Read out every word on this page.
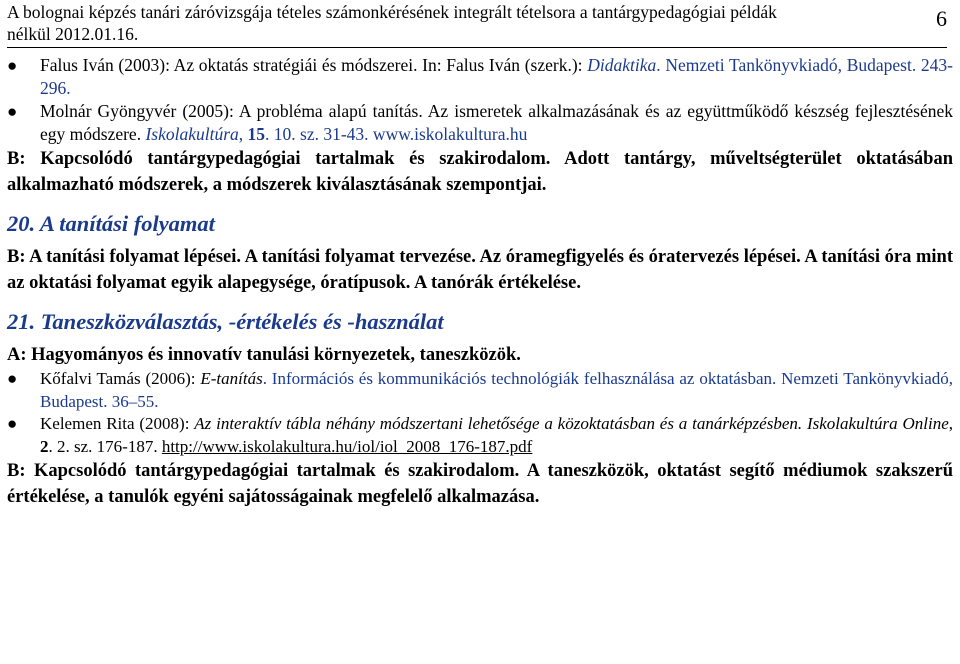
A bolognai képzés tanári záróvizsgája tételes számonkérésének integrált tételsora a tantárgypedagógiai példák
nélkül 2012.01.16.
6
● Falus Iván (2003): Az oktatás stratégiái és módszerei. In: Falus Iván (szerk.): Didaktika. Nemzeti Tankönyvkiadó, Budapest. 243-296.
● Molnár Gyöngyvér (2005): A probléma alapú tanítás. Az ismeretek alkalmazásának és az együttműködő készség fejlesztésének egy módszere. Iskolakultúra, 15. 10. sz. 31-43. www.iskolakultura.hu

B: Kapcsolódó tantárgypedagógiai tartalmak és szakirodalom. Adott tantárgy, műveltségterület oktatásában alkalmazható módszerek, a módszerek kiválasztásának szempontjai.

20. A tanítási folyamat

B: A tanítási folyamat lépései. A tanítási folyamat tervezése. Az óramegfigyelés és óratervezés lépései. A tanítási óra mint az oktatási folyamat egyik alapegysége, óratípusok. A tanórák értékelése.

21. Taneszközválasztás, -értékelés és -használat

A: Hagyományos és innovatív tanulási környezetek, taneszközök.

● Kőfalvi Tamás (2006): E-tanítás. Információs és kommunikációs technológiák felhasználása az oktatásban. Nemzeti Tankönyvkiadó, Budapest. 36–55.
● Kelemen Rita (2008): Az interaktív tábla néhány módszertani lehetősége a közoktatásban és a tanárképzésben. Iskolakultúra Online, 2. 2. sz. 176-187. http://www.iskolakultura.hu/iol/iol_2008_176-187.pdf

B: Kapcsolódó tantárgypedagógiai tartalmak és szakirodalom. A taneszközök, oktatást segítő médiumok szakszerű értékelése, a tanulók egyéni sajátosságainak megfelelő alkalmazása.
